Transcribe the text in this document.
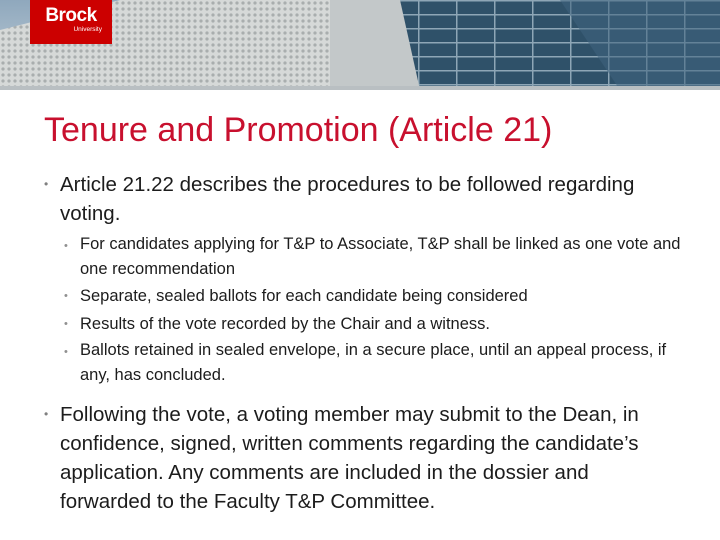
Brock
University
Tenure and Promotion (Article 21)
• Article 21.22 describes the procedures to be followed regarding voting.
• For candidates applying for T&P to Associate, T&P shall be linked as one vote and one recommendation
• Separate, sealed ballots for each candidate being considered
• Results of the vote recorded by the Chair and a witness.
• Ballots retained in sealed envelope, in a secure place, until an appeal process, if any, has concluded.
• Following the vote, a voting member may submit to the Dean, in confidence, signed, written comments regarding the candidate’s application. Any comments are included in the dossier and forwarded to the Faculty T&P Committee.
